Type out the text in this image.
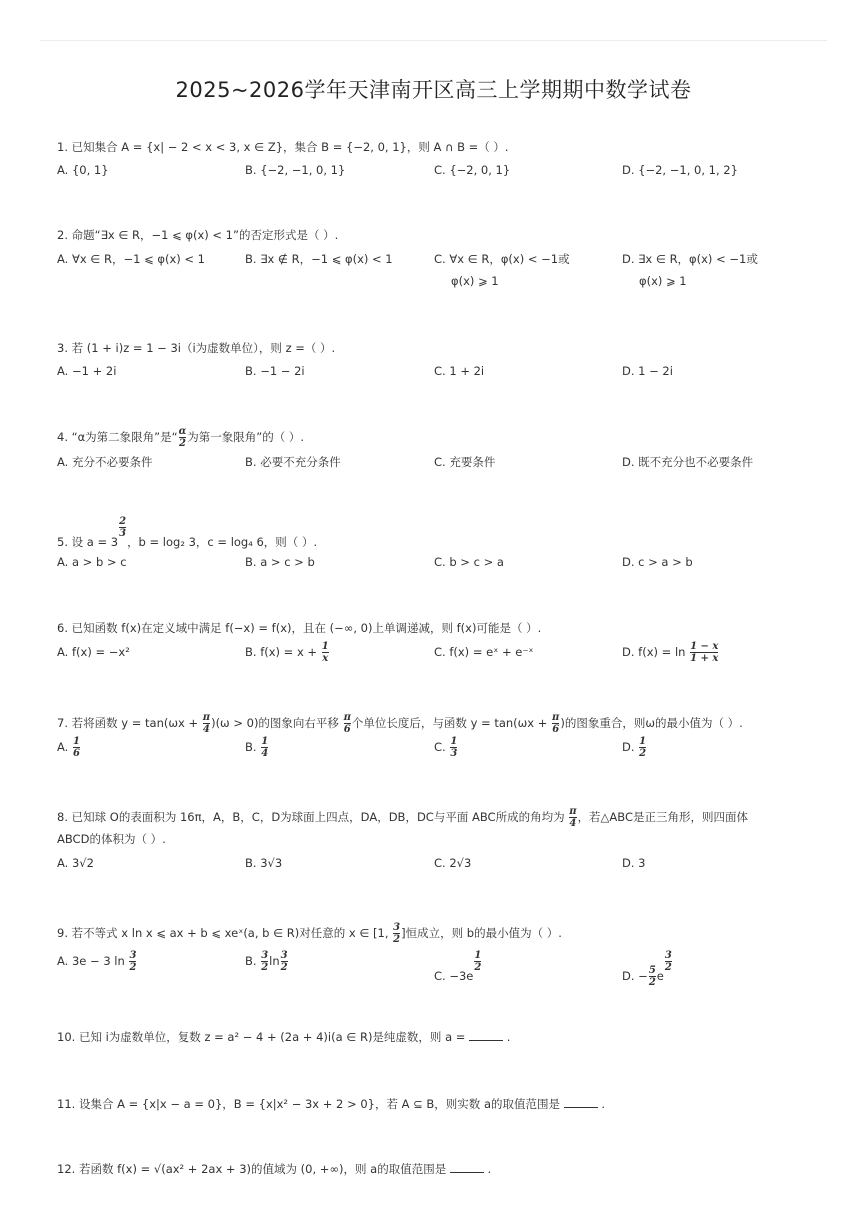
2025~2026学年天津南开区高三上学期期中数学试卷
1. 已知集合 A = {x| − 2 < x < 3, x ∈ Z}，集合 B = {−2, 0, 1}，则 A ∩ B =（ ）.
A. {0, 1}	B. {−2, −1, 0, 1}	C. {−2, 0, 1}	D. {−2, −1, 0, 1, 2}
2. 命题“∃x ∈ R，−1 ⩽ φ(x) < 1”的否定形式是（ ）.
A. ∀x ∈ R，−1 ⩽ φ(x) < 1	B. ∃x ∉ R，−1 ⩽ φ(x) < 1	C. ∀x ∈ R，φ(x) < −1或	D. ∃x ∈ R，φ(x) < −1或
φ(x) ⩾ 1	φ(x) ⩾ 1
3. 若 (1 + i)z = 1 − 3i（i为虚数单位），则 z =（ ）.
A. −1 + 2i	B. −1 − 2i	C. 1 + 2i	D. 1 − 2i
4. “α为第二象限角”是“ $\frac{\alpha}{2}$ 为第一象限角”的（ ）.
A. 充分不必要条件	B. 必要不充分条件	C. 充要条件	D. 既不充分也不必要条件
5. 设 a = 3
$\frac{2}{3}$
，b = log₂ 3，c = log₄ 6，则（ ）.
A. a > b > c	B. a > c > b	C. b > c > a	D. c > a > b
6. 已知函数 f(x)在定义域中满足 f(−x) = f(x)，且在 (−∞, 0)上单调递减，则 f(x)可能是（ ）.
A. f(x) = −x²	B. $f(x) = x + \frac{1}{x}$	C. f(x) = eˣ + e⁻ˣ	D. $f(x) = \ln \frac{1 - x}{1 + x}$
7. 若将函数 $y = \tan(\omega x + \frac{\pi}{4} )(\omega > 0)$的图象向右平移 $\frac{\pi}{6}$ 个单位长度后，与函数 $y = \tan(\omega x + \frac{\pi}{6}$ )的图象重合，则ω的最小值为（ ）.
A. $\frac{1}{6}$	B. $\frac{1}{4}$	C. $\frac{1}{3}$	D. $\frac{1}{2}$
8. 已知球 O的表面积为 16π，A，B，C，D为球面上四点，DA，DB，DC与平面 ABC所成的角均为 $\frac{\pi}{4}$ ，若△ABC是正三角形，则四面体
ABCD的体积为（ ）.
A. 3√2	B. 3√3	C. 2√3	D. 3
9. 若不等式 x ln x ⩽ ax + b ⩽ xeˣ(a, b ∈ R)对任意的 x ∈ [1, $\frac{3}{2}$ ]恒成立，则 b的最小值为（ ）.
A. 3e − 3 $\ln \frac{3}{2}$	B. $\frac{3}{2}$ $\ln \frac{3}{2}$
C. −3e
$\frac{1}{2}$
D. − $\frac{5}{2}$ e
$\frac{3}{2}$
10. 已知 i为虚数单位，复数 z = a² − 4 + (2a + 4)i(a ∈ R)是纯虚数，则 a =	.
11. 设集合 A = {x|x − a = 0}，B = {x|x² − 3x + 2 > 0}，若 A ⊆ B，则实数 a的取值范围是	.
12. 若函数 f(x) = √(ax² + 2ax + 3)的值域为 (0, +∞)，则 a的取值范围是	.
